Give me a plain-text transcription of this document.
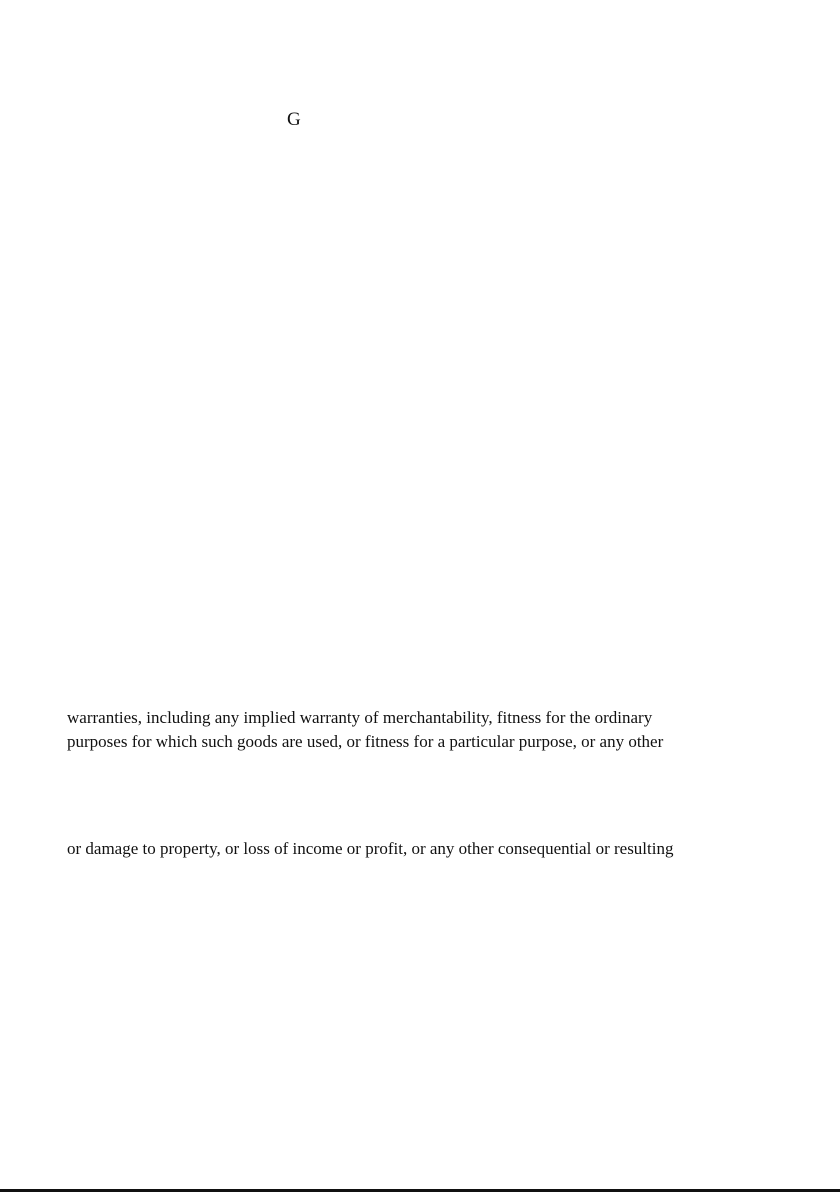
G
warranties, including any implied warranty of merchantability, fitness for the ordinary
purposes for which such goods are used, or fitness for a particular purpose, or any other
or damage to property, or loss of income or profit, or any other consequential or resulting
